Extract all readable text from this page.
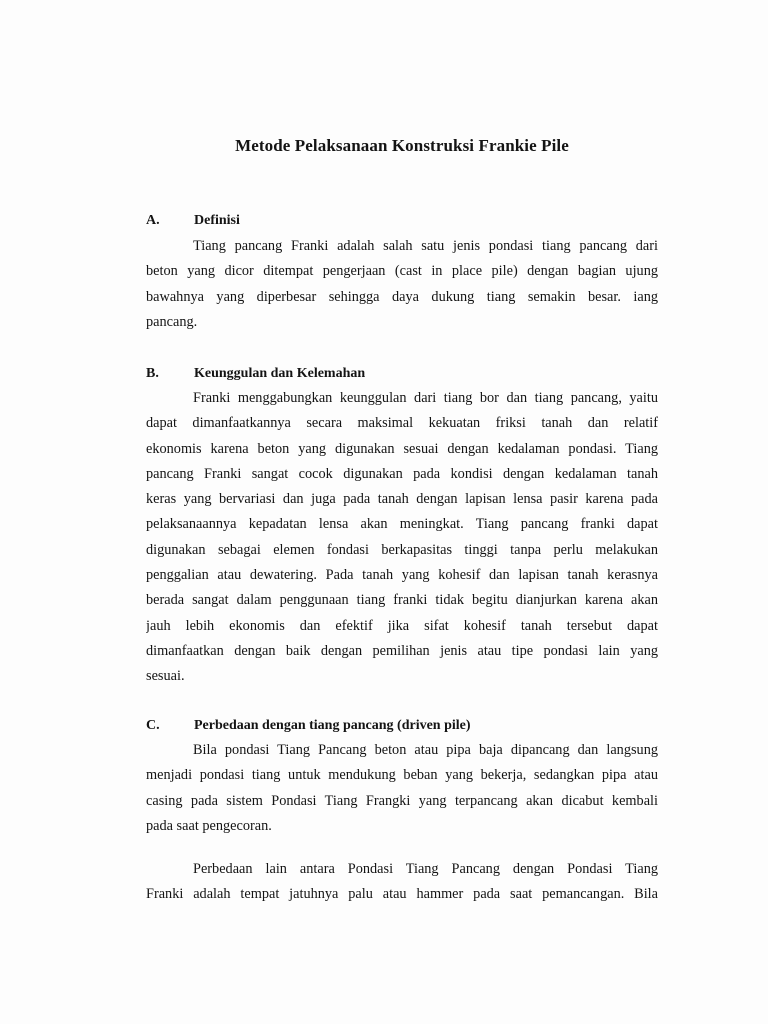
Metode Pelaksanaan Konstruksi Frankie Pile
A. Definisi
Tiang pancang Franki adalah salah satu jenis pondasi tiang pancang dari
beton yang dicor ditempat pengerjaan (cast in place pile) dengan bagian ujung
bawahnya yang diperbesar sehingga daya dukung tiang semakin besar. iang
pancang.
B.	Keunggulan dan Kelemahan
Franki menggabungkan keunggulan dari tiang bor dan tiang pancang, yaitu
dapat dimanfaatkannya secara maksimal kekuatan friksi tanah dan relatif
ekonomis karena beton yang digunakan sesuai dengan kedalaman pondasi. Tiang
pancang Franki sangat cocok digunakan pada kondisi dengan kedalaman tanah
keras yang bervariasi dan juga pada tanah dengan lapisan lensa pasir karena pada
pelaksanaannya kepadatan lensa akan meningkat. Tiang pancang franki dapat
digunakan sebagai elemen fondasi berkapasitas tinggi tanpa perlu melakukan
penggalian atau dewatering. Pada tanah yang kohesif dan lapisan tanah kerasnya
berada sangat dalam penggunaan tiang franki tidak begitu dianjurkan karena akan
jauh lebih ekonomis dan efektif jika sifat kohesif tanah tersebut dapat
dimanfaatkan dengan baik dengan pemilihan jenis atau tipe pondasi lain yang
sesuai.
C. Perbedaan dengan tiang pancang (driven pile)
Bila pondasi Tiang Pancang beton atau pipa baja dipancang dan langsung
menjadi pondasi tiang untuk mendukung beban yang bekerja, sedangkan pipa atau
casing pada sistem Pondasi Tiang Frangki yang terpancang akan dicabut kembali
pada saat pengecoran.
Perbedaan lain antara Pondasi Tiang Pancang dengan Pondasi Tiang
Franki adalah tempat jatuhnya palu atau hammer pada saat pemancangan. Bila
